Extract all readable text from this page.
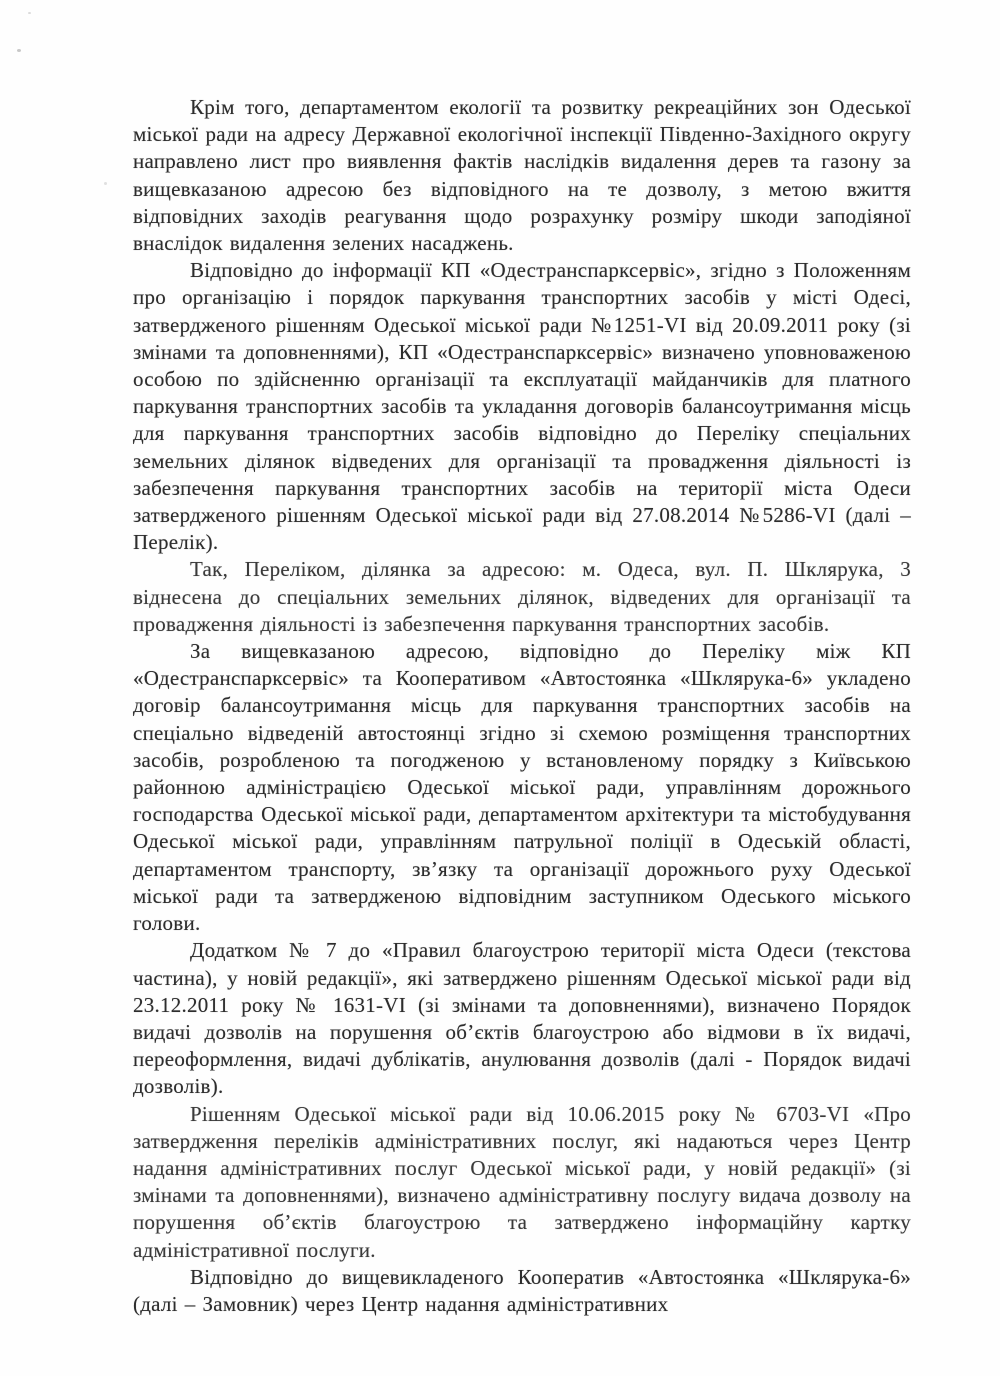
Крім того, департаментом екології та розвитку рекреаційних зон Одеської міської ради на адресу Державної екологічної інспекції Південно-Західного округу направлено лист про виявлення фактів наслідків видалення дерев та газону за вищевказаною адресою без відповідного на те дозволу, з метою вжиття відповідних заходів реагування щодо розрахунку розміру шкоди заподіяної внаслідок видалення зелених насаджень.

Відповідно до інформації КП «Одестранспарксервіс», згідно з Положенням про організацію і порядок паркування транспортних засобів у місті Одесі, затвердженого рішенням Одеської міської ради №1251-VI від 20.09.2011 року (зі змінами та доповненнями), КП «Одестранспарксервіс» визначено уповноваженою особою по здійсненню організації та експлуатації майданчиків для платного паркування транспортних засобів та укладання договорів балансоутримання місць для паркування транспортних засобів відповідно до Переліку спеціальних земельних ділянок відведених для організації та провадження діяльності із забезпечення паркування транспортних засобів на території міста Одеси затвердженого рішенням Одеської міської ради від 27.08.2014 №5286-VI (далі – Перелік).

Так, Переліком, ділянка за адресою: м. Одеса, вул. П. Шклярука, 3 віднесена до спеціальних земельних ділянок, відведених для організації та провадження діяльності із забезпечення паркування транспортних засобів.

За вищевказаною адресою, відповідно до Переліку між КП «Одестранспарксервіс» та Кооперативом «Автостоянка «Шклярука-6» укладено договір балансоутримання місць для паркування транспортних засобів на спеціально відведеній автостоянці згідно зі схемою розміщення транспортних засобів, розробленою та погодженою у встановленому порядку з Київською районною адміністрацією Одеської міської ради, управлінням дорожнього господарства Одеської міської ради, департаментом архітектури та містобудування Одеської міської ради, управлінням патрульної поліції в Одеській області, департаментом транспорту, зв’язку та організації дорожнього руху Одеської міської ради та затвердженою відповідним заступником Одеського міського голови.

Додатком № 7 до «Правил благоустрою території міста Одеси (текстова частина), у новій редакції», які затверджено рішенням Одеської міської ради від 23.12.2011 року № 1631-VI (зі змінами та доповненнями), визначено Порядок видачі дозволів на порушення об’єктів благоустрою або відмови в їх видачі, переоформлення, видачі дублікатів, анулювання дозволів (далі - Порядок видачі дозволів).

Рішенням Одеської міської ради від 10.06.2015 року № 6703-VI «Про затвердження переліків адміністративних послуг, які надаються через Центр надання адміністративних послуг Одеської міської ради, у новій редакції» (зі змінами та доповненнями), визначено адміністративну послугу видача дозволу на порушення об’єктів благоустрою та затверджено інформаційну картку адміністративної послуги.

Відповідно до вищевикладеного Кооператив «Автостоянка «Шклярука-6» (далі – Замовник) через Центр надання адміністративних
